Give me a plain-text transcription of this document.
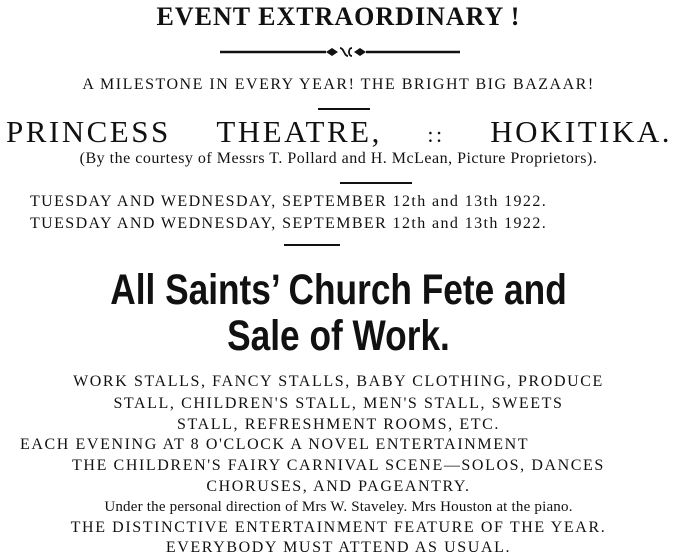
EVENT EXTRAORDINARY !
A MILESTONE IN EVERY YEAR! THE BRIGHT BIG BAZAAR!
PRINCESS THEATRE, :: HOKITIKA.
(By the courtesy of Messrs T. Pollard and H. McLean, Picture Proprietors).
TUESDAY AND WEDNESDAY, SEPTEMBER 12th and 13th 1922.
TUESDAY AND WEDNESDAY, SEPTEMBER 12th and 13th 1922.
All Saints’ Church Fete and
Sale of Work.
WORK STALLS, FANCY STALLS, BABY CLOTHING, PRODUCE
STALL, CHILDREN'S STALL, MEN'S STALL, SWEETS
STALL, REFRESHMENT ROOMS, ETC.
EACH EVENING AT 8 O'CLOCK A NOVEL ENTERTAINMENT
THE CHILDREN'S FAIRY CARNIVAL SCENE—SOLOS, DANCES
CHORUSES, AND PAGEANTRY.
Under the personal direction of Mrs W. Staveley. Mrs Houston at the piano.
THE DISTINCTIVE ENTERTAINMENT FEATURE OF THE YEAR.
EVERYBODY MUST ATTEND AS USUAL.
